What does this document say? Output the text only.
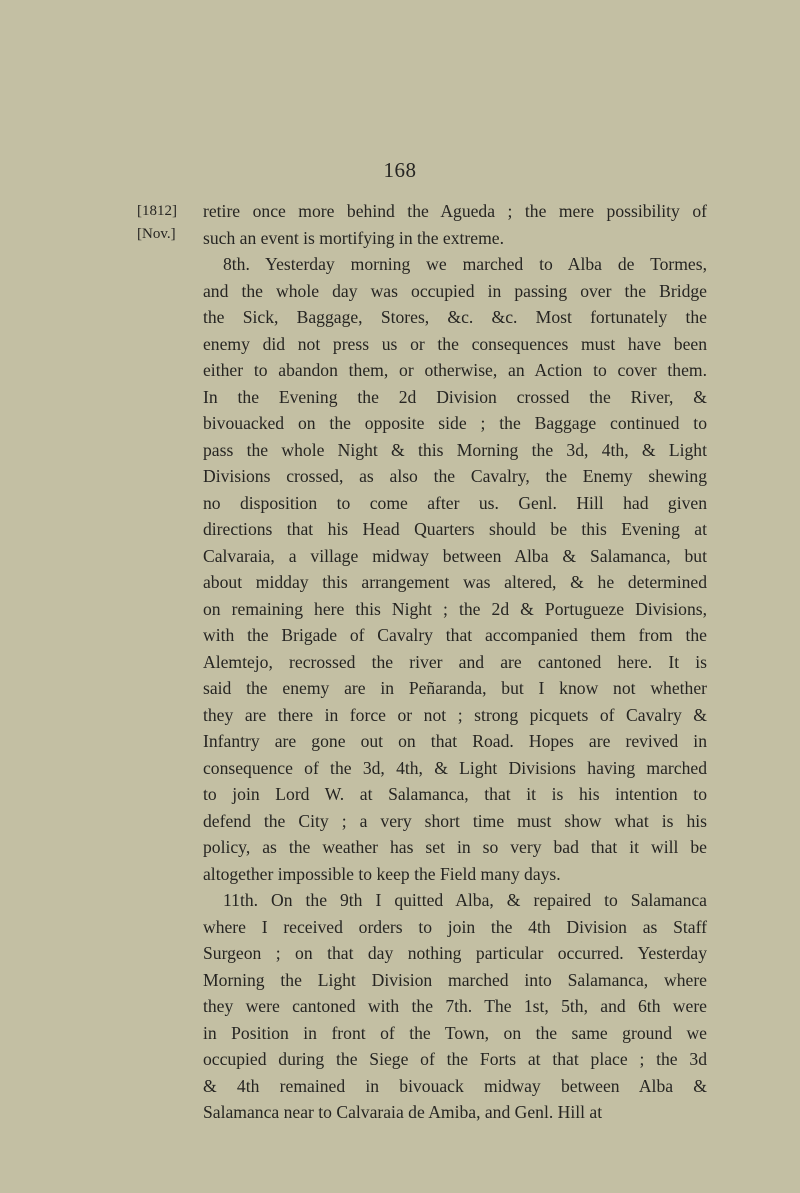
168
[1812]
[Nov.]
retire once more behind the Agueda ; the mere possibility of
such an event is mortifying in the extreme.
8th. Yesterday morning we marched to Alba de Tormes,
and the whole day was occupied in passing over the Bridge
the Sick, Baggage, Stores, &c. &c. Most fortunately the
enemy did not press us or the consequences must have been
either to abandon them, or otherwise, an Action to cover them.
In the Evening the 2d Division crossed the River, &
bivouacked on the opposite side ; the Baggage continued to
pass the whole Night & this Morning the 3d, 4th, & Light
Divisions crossed, as also the Cavalry, the Enemy shewing
no disposition to come after us. Genl. Hill had given
directions that his Head Quarters should be this Evening at
Calvaraia, a village midway between Alba & Salamanca, but
about midday this arrangement was altered, & he determined
on remaining here this Night ; the 2d & Portugueze Divisions,
with the Brigade of Cavalry that accompanied them from the
Alemtejo, recrossed the river and are cantoned here. It is
said the enemy are in Peñaranda, but I know not whether
they are there in force or not ; strong picquets of Cavalry &
Infantry are gone out on that Road. Hopes are revived in
consequence of the 3d, 4th, & Light Divisions having marched
to join Lord W. at Salamanca, that it is his intention to
defend the City ; a very short time must show what is his
policy, as the weather has set in so very bad that it will be
altogether impossible to keep the Field many days.
11th. On the 9th I quitted Alba, & repaired to Salamanca
where I received orders to join the 4th Division as Staff
Surgeon ; on that day nothing particular occurred. Yesterday
Morning the Light Division marched into Salamanca, where
they were cantoned with the 7th. The 1st, 5th, and 6th were
in Position in front of the Town, on the same ground we
occupied during the Siege of the Forts at that place ; the 3d
& 4th remained in bivouack midway between Alba &
Salamanca near to Calvaraia de Amiba, and Genl. Hill at
